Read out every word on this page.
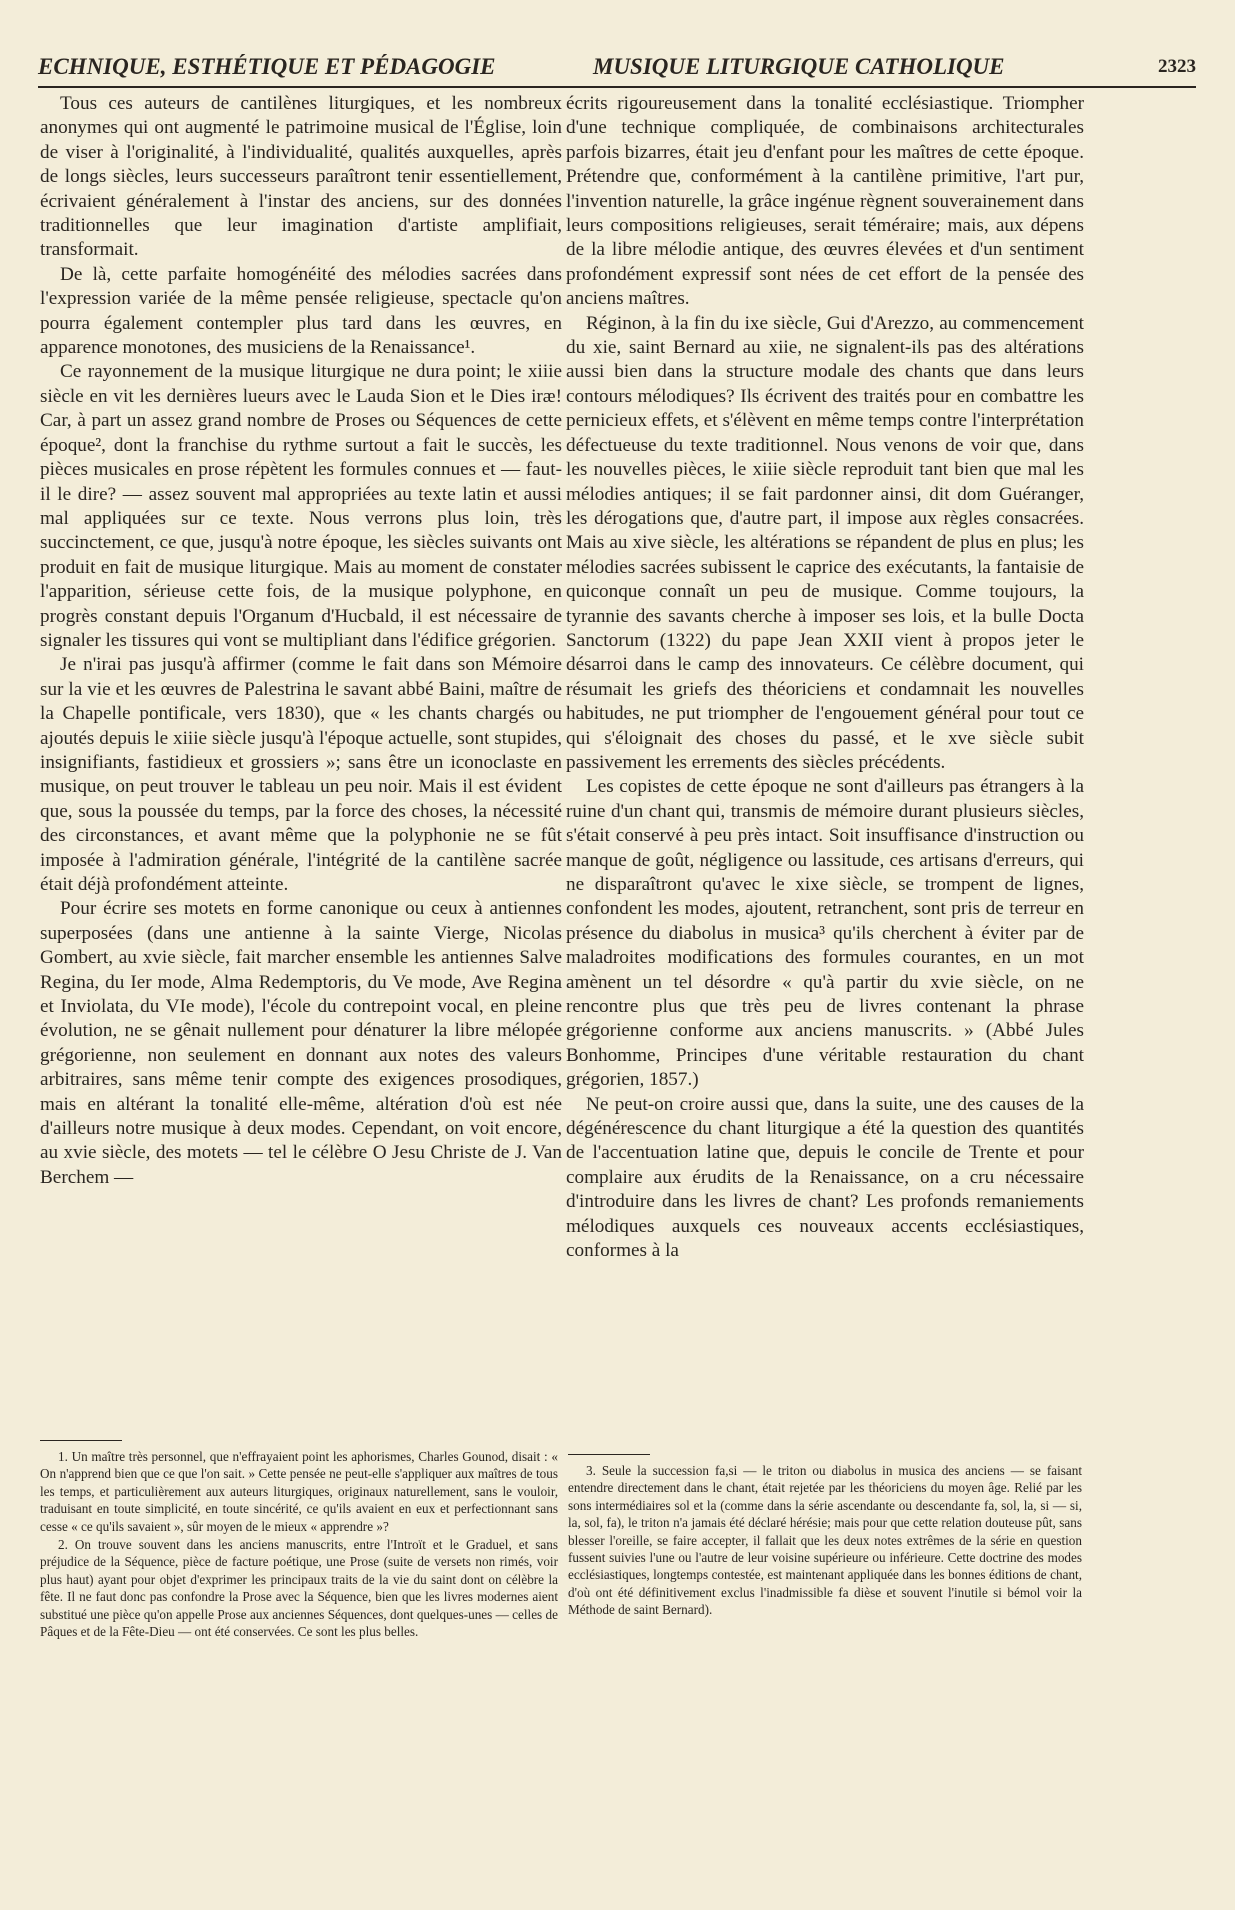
ECHNIQUE, ESTHÉTIQUE ET PÉDAGOGIE	MUSIQUE LITURGIQUE CATHOLIQUE	2323

Tous ces auteurs de cantilènes liturgiques, et les nombreux anonymes qui ont augmenté le patrimoine musical de l'Église, loin de viser à l'originalité, à l'individualité, qualités auxquelles, après de longs siècles, leurs successeurs paraîtront tenir essentiellement, écrivaient généralement à l'instar des anciens, sur des données traditionnelles que leur imagination d'artiste amplifiait, transformait.

De là, cette parfaite homogénéité des mélodies sacrées dans l'expression variée de la même pensée religieuse, spectacle qu'on pourra également contempler plus tard dans les œuvres, en apparence monotones, des musiciens de la Renaissance¹.

Ce rayonnement de la musique liturgique ne dura point; le xiiie siècle en vit les dernières lueurs avec le Lauda Sion et le Dies iræ! Car, à part un assez grand nombre de Proses ou Séquences de cette époque², dont la franchise du rythme surtout a fait le succès, les pièces musicales en prose répètent les formules connues et — faut-il le dire? — assez souvent mal appropriées au texte latin et aussi mal appliquées sur ce texte. Nous verrons plus loin, très succinctement, ce que, jusqu'à notre époque, les siècles suivants ont produit en fait de musique liturgique. Mais au moment de constater l'apparition, sérieuse cette fois, de la musique polyphone, en progrès constant depuis l'Organum d'Hucbald, il est nécessaire de signaler les tissures qui vont se multipliant dans l'édifice grégorien.

Je n'irai pas jusqu'à affirmer (comme le fait dans son Mémoire sur la vie et les œuvres de Palestrina le savant abbé Baini, maître de la Chapelle pontificale, vers 1830), que « les chants chargés ou ajoutés depuis le xiiie siècle jusqu'à l'époque actuelle, sont stupides, insignifiants, fastidieux et grossiers »; sans être un iconoclaste en musique, on peut trouver le tableau un peu noir. Mais il est évident que, sous la poussée du temps, par la force des choses, la nécessité des circonstances, et avant même que la polyphonie ne se fût imposée à l'admiration générale, l'intégrité de la cantilène sacrée était déjà profondément atteinte.

Pour écrire ses motets en forme canonique ou ceux à antiennes superposées (dans une antienne à la sainte Vierge, Nicolas Gombert, au xvie siècle, fait marcher ensemble les antiennes Salve Regina, du Ier mode, Alma Redemptoris, du Ve mode, Ave Regina et Inviolata, du VIe mode), l'école du contrepoint vocal, en pleine évolution, ne se gênait nullement pour dénaturer la libre mélopée grégorienne, non seulement en donnant aux notes des valeurs arbitraires, sans même tenir compte des exigences prosodiques, mais en altérant la tonalité elle-même, altération d'où est née d'ailleurs notre musique à deux modes. Cependant, on voit encore, au xvie siècle, des motets — tel le célèbre O Jesu Christe de J. Van Berchem —

écrits rigoureusement dans la tonalité ecclésiastique. Triompher d'une technique compliquée, de combinaisons architecturales parfois bizarres, était jeu d'enfant pour les maîtres de cette époque. Prétendre que, conformément à la cantilène primitive, l'art pur, l'invention naturelle, la grâce ingénue règnent souverainement dans leurs compositions religieuses, serait téméraire; mais, aux dépens de la libre mélodie antique, des œuvres élevées et d'un sentiment profondément expressif sont nées de cet effort de la pensée des anciens maîtres.

Réginon, à la fin du ixe siècle, Gui d'Arezzo, au commencement du xie, saint Bernard au xiie, ne signalent-ils pas des altérations aussi bien dans la structure modale des chants que dans leurs contours mélodiques? Ils écrivent des traités pour en combattre les pernicieux effets, et s'élèvent en même temps contre l'interprétation défectueuse du texte traditionnel. Nous venons de voir que, dans les nouvelles pièces, le xiiie siècle reproduit tant bien que mal les mélodies antiques; il se fait pardonner ainsi, dit dom Guéranger, les dérogations que, d'autre part, il impose aux règles consacrées. Mais au xive siècle, les altérations se répandent de plus en plus; les mélodies sacrées subissent le caprice des exécutants, la fantaisie de quiconque connaît un peu de musique. Comme toujours, la tyrannie des savants cherche à imposer ses lois, et la bulle Docta Sanctorum (1322) du pape Jean XXII vient à propos jeter le désarroi dans le camp des innovateurs. Ce célèbre document, qui résumait les griefs des théoriciens et condamnait les nouvelles habitudes, ne put triompher de l'engouement général pour tout ce qui s'éloignait des choses du passé, et le xve siècle subit passivement les errements des siècles précédents.

Les copistes de cette époque ne sont d'ailleurs pas étrangers à la ruine d'un chant qui, transmis de mémoire durant plusieurs siècles, s'était conservé à peu près intact. Soit insuffisance d'instruction ou manque de goût, négligence ou lassitude, ces artisans d'erreurs, qui ne disparaîtront qu'avec le xixe siècle, se trompent de lignes, confondent les modes, ajoutent, retranchent, sont pris de terreur en présence du diabolus in musica³ qu'ils cherchent à éviter par de maladroites modifications des formules courantes, en un mot amènent un tel désordre « qu'à partir du xvie siècle, on ne rencontre plus que très peu de livres contenant la phrase grégorienne conforme aux anciens manuscrits. » (Abbé Jules Bonhomme, Principes d'une véritable restauration du chant grégorien, 1857.)

Ne peut-on croire aussi que, dans la suite, une des causes de la dégénérescence du chant liturgique a été la question des quantités de l'accentuation latine que, depuis le concile de Trente et pour complaire aux érudits de la Renaissance, on a cru nécessaire d'introduire dans les livres de chant? Les profonds remaniements mélodiques auxquels ces nouveaux accents ecclésiastiques, conformes à la

1. Un maître très personnel, que n'effrayaient point les aphorismes, Charles Gounod, disait : « On n'apprend bien que ce que l'on sait. » Cette pensée ne peut-elle s'appliquer aux maîtres de tous les temps, et particulièrement aux auteurs liturgiques, originaux naturellement, sans le vouloir, traduisant en toute simplicité, en toute sincérité, ce qu'ils avaient en eux et perfectionnant sans cesse « ce qu'ils savaient », sûr moyen de le mieux « apprendre »?

2. On trouve souvent dans les anciens manuscrits, entre l'Introït et le Graduel, et sans préjudice de la Séquence, pièce de facture poétique, une Prose (suite de versets non rimés, voir plus haut) ayant pour objet d'exprimer les principaux traits de la vie du saint dont on célèbre la fête. Il ne faut donc pas confondre la Prose avec la Séquence, bien que les livres modernes aient substitué une pièce qu'on appelle Prose aux anciennes Séquences, dont quelques-unes — celles de Pâques et de la Fête-Dieu — ont été conservées. Ce sont les plus belles.

3. Seule la succession fa,si — le triton ou diabolus in musica des anciens — se faisant entendre directement dans le chant, était rejetée par les théoriciens du moyen âge. Relié par les sons intermédiaires sol et la (comme dans la série ascendante ou descendante fa, sol, la, si — si, la, sol, fa), le triton n'a jamais été déclaré hérésie; mais pour que cette relation douteuse pût, sans blesser l'oreille, se faire accepter, il fallait que les deux notes extrêmes de la série en question fussent suivies l'une ou l'autre de leur voisine supérieure ou inférieure. Cette doctrine des modes ecclésiastiques, longtemps contestée, est maintenant appliquée dans les bonnes éditions de chant, d'où ont été définitivement exclus l'inadmissible fa dièse et souvent l'inutile si bémol voir la Méthode de saint Bernard).
